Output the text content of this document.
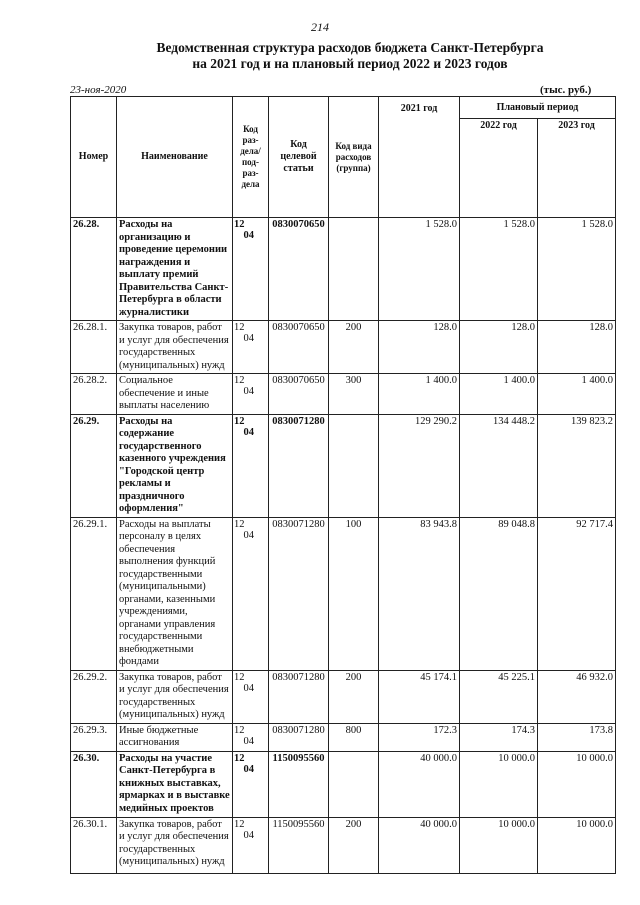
214
Ведомственная структура расходов бюджета Санкт-Петербурга
на 2021 год и на плановый период 2022 и 2023 годов
23-ноя-2020	(тыс. руб.)
Номер	Наименование	Код раз- дела/ под- раз- дела	Код целевой статьи	Код вида расходов (группа)	2021 год	Плановый период	
						2022 год	2023 год
26.28.	Расходы на организацию и проведение церемонии награждения и выплату премий Правительства Санкт-Петербурга в области журналистики	1204	0830070650		1 528.0	1 528.0	1 528.0
26.28.1.	Закупка товаров, работ и услуг для обеспечения государственных (муниципальных) нужд	1204	0830070650	200	128.0	128.0	128.0
26.28.2.	Социальное обеспечение и иные выплаты населению	1204	0830070650	300	1 400.0	1 400.0	1 400.0
26.29.	Расходы на содержание государственного казенного учреждения "Городской центр рекламы и праздничного оформления"	1204	0830071280		129 290.2	134 448.2	139 823.2
26.29.1.	Расходы на выплаты персоналу в целях обеспечения выполнения функций государственными (муниципальными) органами, казенными учреждениями, органами управления государственными внебюджетными фондами	1204	0830071280	100	83 943.8	89 048.8	92 717.4
26.29.2.	Закупка товаров, работ и услуг для обеспечения государственных (муниципальных) нужд	1204	0830071280	200	45 174.1	45 225.1	46 932.0
26.29.3.	Иные бюджетные ассигнования	1204	0830071280	800	172.3	174.3	173.8
26.30.	Расходы на участие Санкт-Петербурга в книжных выставках, ярмарках и в выставке медийных проектов	1204	1150095560		40 000.0	10 000.0	10 000.0
26.30.1.	Закупка товаров, работ и услуг для обеспечения государственных (муниципальных) нужд	1204	1150095560	200	40 000.0	10 000.0	10 000.0
